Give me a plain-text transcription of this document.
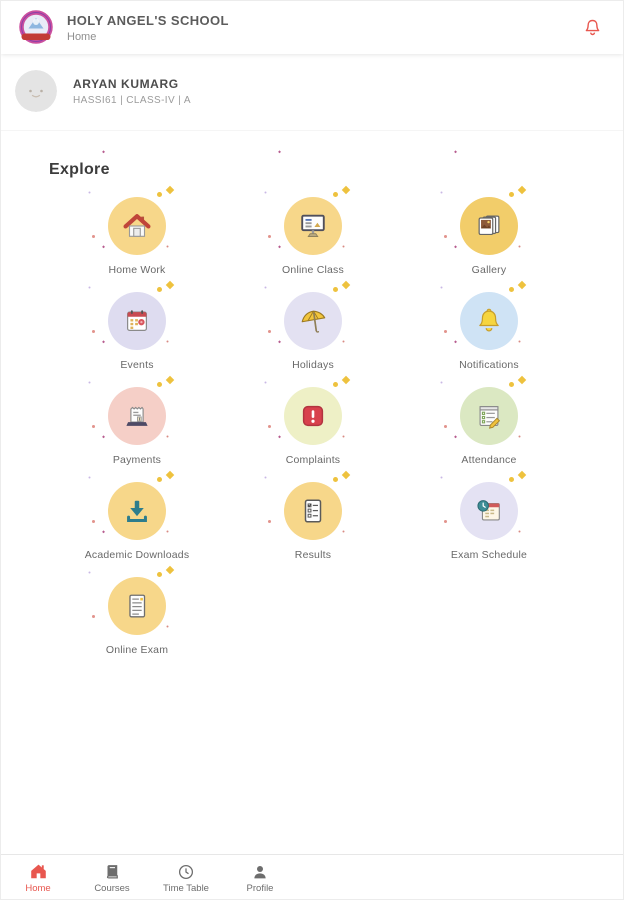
HOLY ANGEL'S SCHOOL
Home
ARYAN KUMARG
HASSI61 | CLASS-IV | A
Explore
Home Work	Online Class	Gallery
Events	Holidays	Notifications
Payments	Complaints	Attendance
Academic Downloads	Results	Exam Schedule
Online Exam
Home	Courses	Time Table	Profile
